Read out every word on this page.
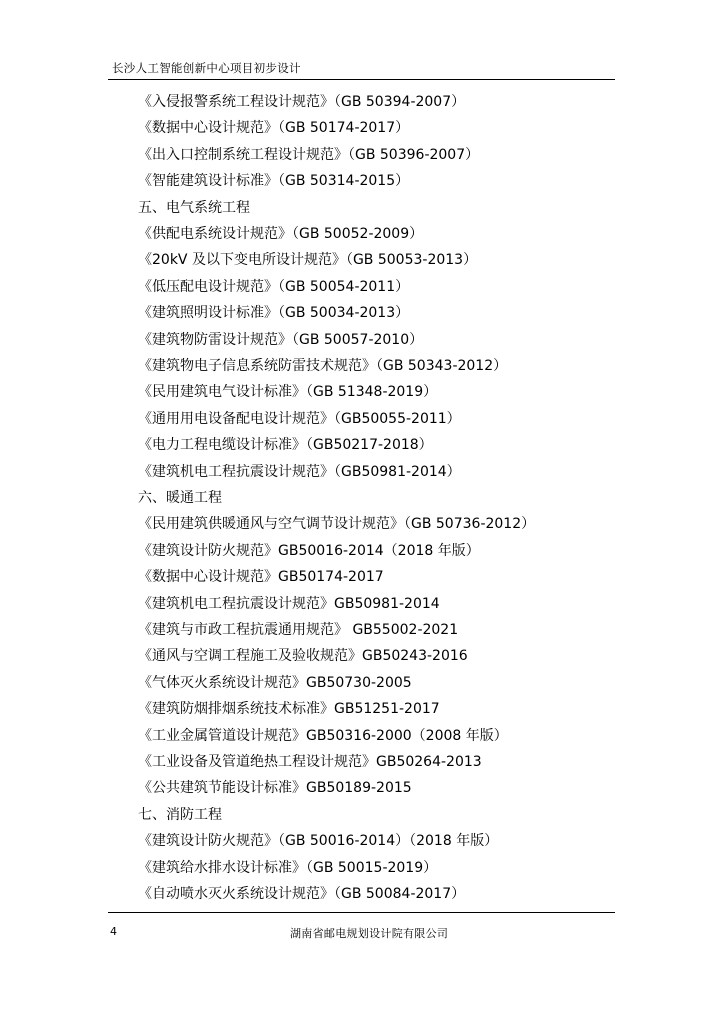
长沙人工智能创新中心项目初步设计
《入侵报警系统工程设计规范》（GB 50394-2007）
《数据中心设计规范》（GB 50174-2017）
《出入口控制系统工程设计规范》（GB 50396-2007）
《智能建筑设计标准》（GB 50314-2015）
五、电气系统工程
《供配电系统设计规范》（GB 50052-2009）
《20kV 及以下变电所设计规范》（GB 50053-2013）
《低压配电设计规范》（GB 50054-2011）
《建筑照明设计标准》（GB 50034-2013）
《建筑物防雷设计规范》（GB 50057-2010）
《建筑物电子信息系统防雷技术规范》（GB 50343-2012）
《民用建筑电气设计标准》（GB 51348-2019）
《通用用电设备配电设计规范》（GB50055-2011）
《电力工程电缆设计标准》（GB50217-2018）
《建筑机电工程抗震设计规范》（GB50981-2014）
六、暖通工程
《民用建筑供暖通风与空气调节设计规范》（GB 50736-2012）
《建筑设计防火规范》GB50016-2014（2018 年版）
《数据中心设计规范》GB50174-2017
《建筑机电工程抗震设计规范》GB50981-2014
《建筑与市政工程抗震通用规范》 GB55002-2021
《通风与空调工程施工及验收规范》GB50243-2016
《气体灭火系统设计规范》GB50730-2005
《建筑防烟排烟系统技术标准》GB51251-2017
《工业金属管道设计规范》GB50316-2000（2008 年版）
《工业设备及管道绝热工程设计规范》GB50264-2013
《公共建筑节能设计标准》GB50189-2015
七、消防工程
《建筑设计防火规范》（GB 50016-2014）（2018 年版）
《建筑给水排水设计标准》（GB 50015-2019）
《自动喷水灭火系统设计规范》（GB 50084-2017）
4	湖南省邮电规划设计院有限公司
